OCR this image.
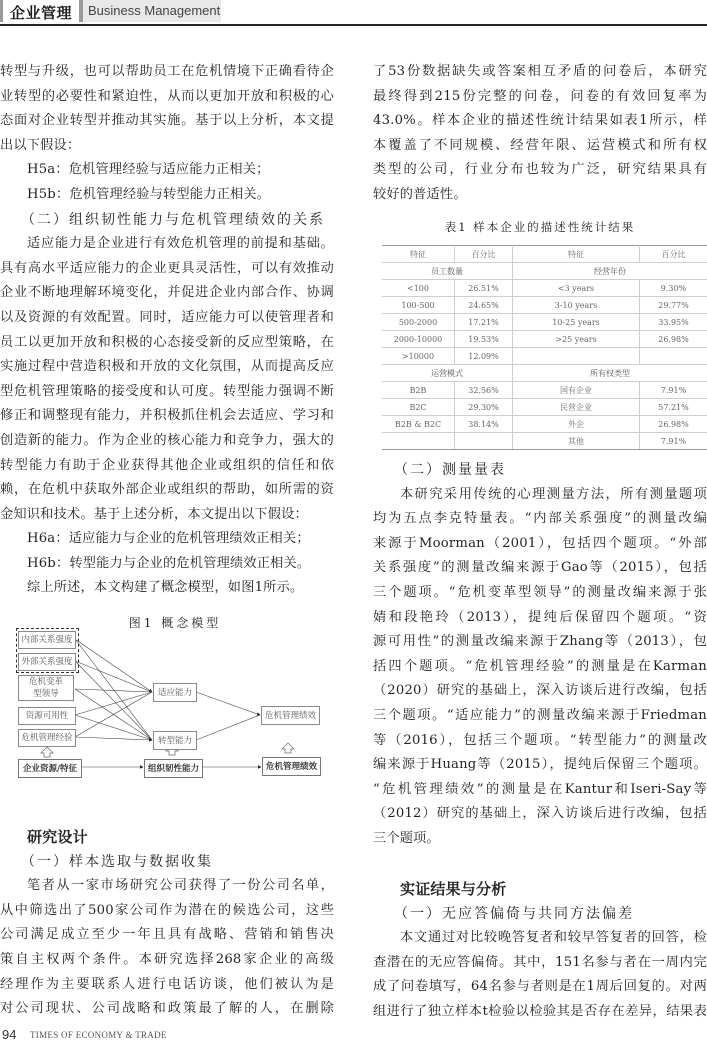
企业管理 Business Management

转型与升级，也可以帮助员工在危机情境下正确看待企

业转型的必要性和紧迫性，从而以更加开放和积极的心

态面对企业转型并推动其实施。基于以上分析，本文提

出以下假设：

H5a：危机管理经验与适应能力正相关；

H5b：危机管理经验与转型能力正相关。

（二）组织韧性能力与危机管理绩效的关系

适应能力是企业进行有效危机管理的前提和基础。

具有高水平适应能力的企业更具灵活性，可以有效推动

企业不断地理解环境变化，并促进企业内部合作、协调

以及资源的有效配置。同时，适应能力可以使管理者和

员工以更加开放和积极的心态接受新的反应型策略，在

实施过程中营造积极和开放的文化氛围，从而提高反应

型危机管理策略的接受度和认可度。转型能力强调不断

修正和调整现有能力，并积极抓住机会去适应、学习和

创造新的能力。作为企业的核心能力和竞争力，强大的

转型能力有助于企业获得其他企业或组织的信任和依

赖，在危机中获取外部企业或组织的帮助，如所需的资

金知识和技术。基于上述分析，本文提出以下假设：

H6a：适应能力与企业的危机管理绩效正相关；

H6b：转型能力与企业的危机管理绩效正相关。

综上所述，本文构建了概念模型，如图1所示。

图1 概念模型
内部关系强度
外部关系强度
危机变革型领导
资源可用性
危机管理经验
适应能力
转型能力
危机管理绩效
企业资源/特征	组织韧性能力	危机管理绩效

研究设计

（一）样本选取与数据收集

笔者从一家市场研究公司获得了一份公司名单，

从中筛选出了500家公司作为潜在的候选公司，这些

公司满足成立至少一年且具有战略、营销和销售决

策自主权两个条件。本研究选择268家企业的高级

经理作为主要联系人进行电话访谈，他们被认为是

对公司现状、公司战略和政策最了解的人，在删除

了53份数据缺失或答案相互矛盾的问卷后，本研究

最终得到215份完整的问卷，问卷的有效回复率为

43.0%。样本企业的描述性统计结果如表1所示，样

本覆盖了不同规模、经营年限、运营模式和所有权

类型的公司，行业分布也较为广泛，研究结果具有

较好的普适性。

表1 样本企业的描述性统计结果
特征	百分比	特征	百分比
员工数量		经营年份	
<100	26.51%	<3 years	9.30%
100-500	24.65%	3-10 years	29.77%
500-2000	17.21%	10-25 years	33.95%
2000-10000	19.53%	>25 years	26.98%
>10000	12.09%		
运营模式		所有权类型	
B2B	32.56%	国有企业	7.91%
B2C	29.30%	民营企业	57.21%
B2B & B2C	38.14%	外企	26.98%
		其他	7.91%

（二）测量量表

本研究采用传统的心理测量方法，所有测量题项

均为五点李克特量表。“内部关系强度”的测量改编

来源于Moorman（2001），包括四个题项。“外部

关系强度”的测量改编来源于Gao等（2015），包括

三个题项。“危机变革型领导”的测量改编来源于张

婧和段艳玲（2013），提纯后保留四个题项。“资

源可用性”的测量改编来源于Zhang等（2013），包

括四个题项。“危机管理经验”的测量是在Karman

（2020）研究的基础上，深入访谈后进行改编，包括

三个题项。“适应能力”的测量改编来源于Friedman

等（2016），包括三个题项。“转型能力”的测量改

编来源于Huang等（2015），提纯后保留三个题项。

“危机管理绩效”的测量是在Kantur和Iseri-Say等

（2012）研究的基础上，深入访谈后进行改编，包括

三个题项。

实证结果与分析

（一）无应答偏倚与共同方法偏差

本文通过对比较晚答复者和较早答复者的回答，检

查潜在的无应答偏倚。其中，151名参与者在一周内完

成了问卷填写，64名参与者则是在1周后回复的。对两

组进行了独立样本t检验以检验其是否存在差异，结果表

94 TIMES OF ECONOMY & TRADE
